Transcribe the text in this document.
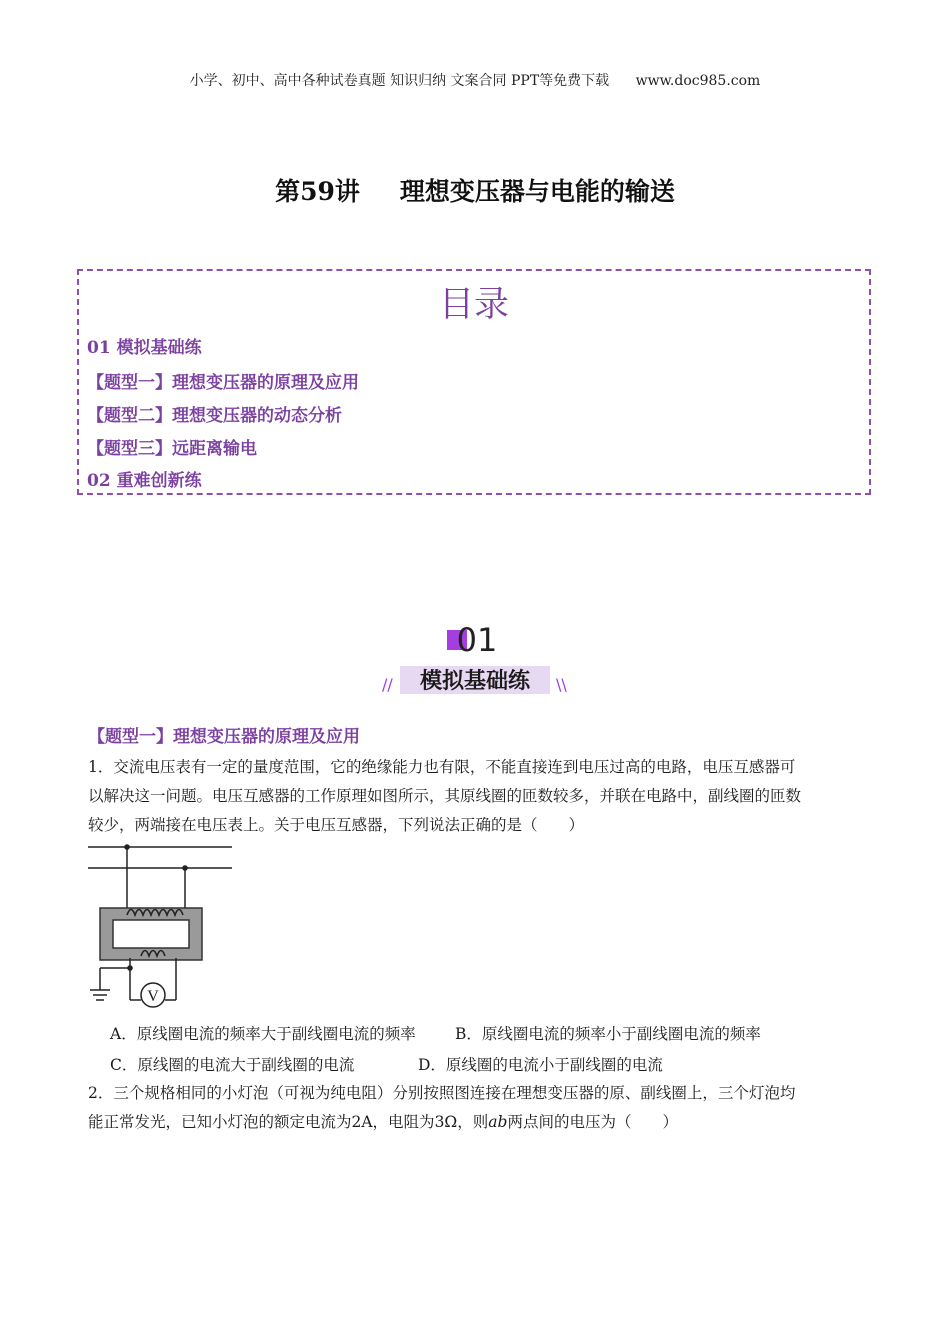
小学、初中、高中各种试卷真题 知识归纳 文案合同 PPT等免费下载 www.doc985.com
第59讲 理想变压器与电能的输送
目录
01 模拟基础练
【题型一】理想变压器的原理及应用
【题型二】理想变压器的动态分析
【题型三】远距离输电
02 重难创新练
01
模拟基础练
//	\\
【题型一】理想变压器的原理及应用
1．交流电压表有一定的量度范围，它的绝缘能力也有限，不能直接连到电压过高的电路，电压互感器可
以解决这一问题。电压互感器的工作原理如图所示，其原线圈的匝数较多，并联在电路中，副线圈的匝数
较少，两端接在电压表上。关于电压互感器，下列说法正确的是（　　）
V
A．原线圈电流的频率大于副线圈电流的频率	B．原线圈电流的频率小于副线圈电流的频率
C．原线圈的电流大于副线圈的电流	D．原线圈的电流小于副线圈的电流
2．三个规格相同的小灯泡（可视为纯电阻）分别按照图连接在理想变压器的原、副线圈上，三个灯泡均
能正常发光，已知小灯泡的额定电流为2A，电阻为3Ω，则ab两点间的电压为（　　）
